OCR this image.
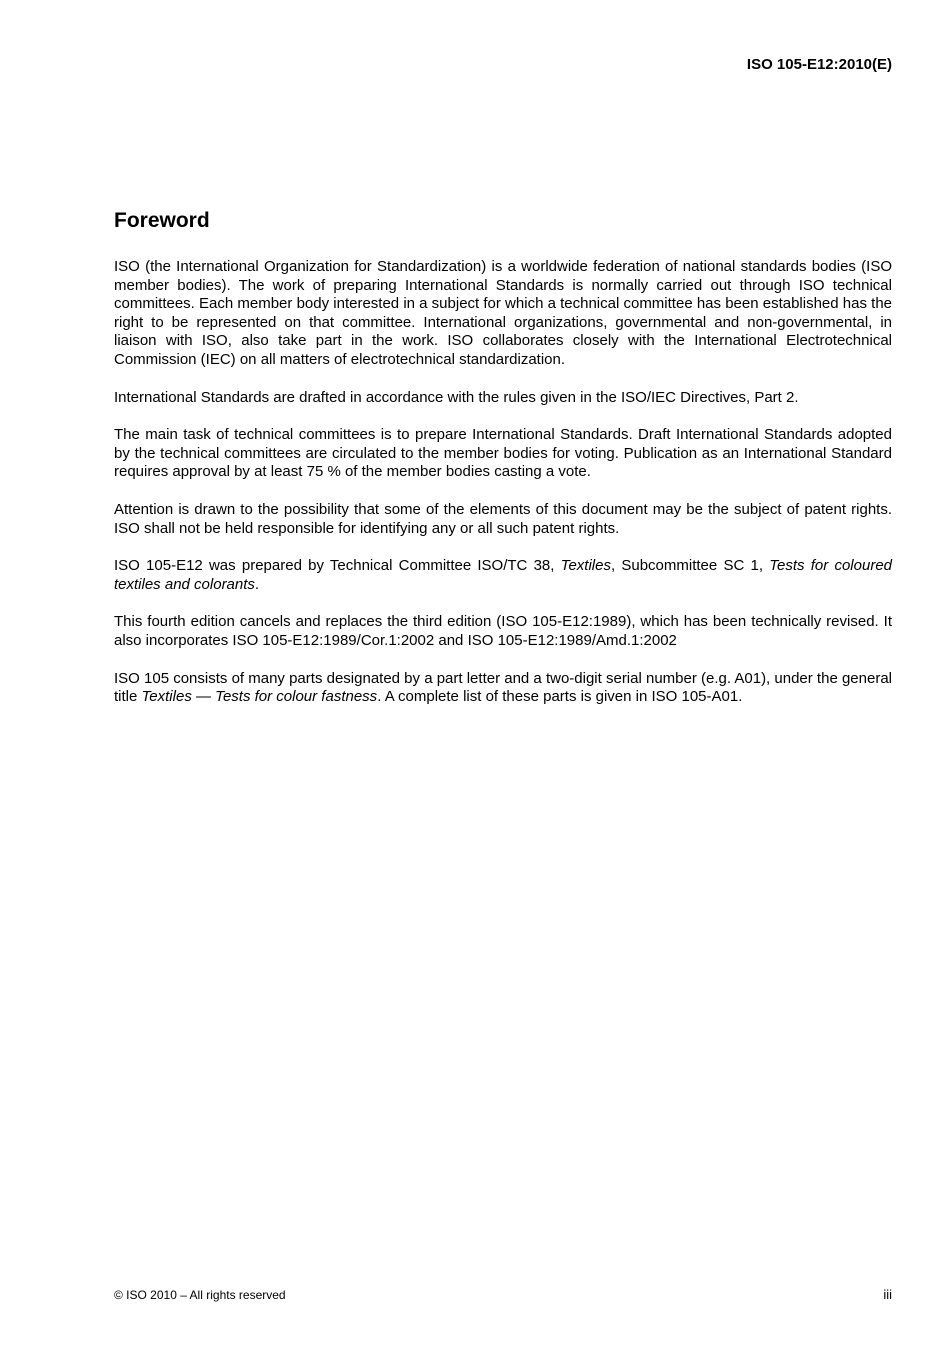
ISO 105-E12:2010(E)
Foreword

ISO (the International Organization for Standardization) is a worldwide federation of national standards bodies (ISO member bodies). The work of preparing International Standards is normally carried out through ISO technical committees. Each member body interested in a subject for which a technical committee has been established has the right to be represented on that committee. International organizations, governmental and non-governmental, in liaison with ISO, also take part in the work. ISO collaborates closely with the International Electrotechnical Commission (IEC) on all matters of electrotechnical standardization.

International Standards are drafted in accordance with the rules given in the ISO/IEC Directives, Part 2.

The main task of technical committees is to prepare International Standards. Draft International Standards adopted by the technical committees are circulated to the member bodies for voting. Publication as an International Standard requires approval by at least 75 % of the member bodies casting a vote.

Attention is drawn to the possibility that some of the elements of this document may be the subject of patent rights. ISO shall not be held responsible for identifying any or all such patent rights.

ISO 105-E12 was prepared by Technical Committee ISO/TC 38, Textiles, Subcommittee SC 1, Tests for coloured textiles and colorants.

This fourth edition cancels and replaces the third edition (ISO 105-E12:1989), which has been technically revised. It also incorporates ISO 105-E12:1989/Cor.1:2002 and ISO 105-E12:1989/Amd.1:2002

ISO 105 consists of many parts designated by a part letter and a two-digit serial number (e.g. A01), under the general title Textiles — Tests for colour fastness. A complete list of these parts is given in ISO 105-A01.

© ISO 2010 – All rights reserved	iii
